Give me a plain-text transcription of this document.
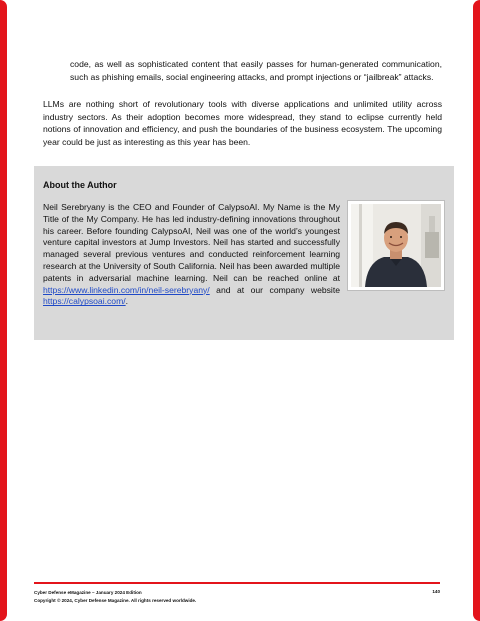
code, as well as sophisticated content that easily passes for human-generated communication, such as phishing emails, social engineering attacks, and prompt injections or “jailbreak” attacks.
LLMs are nothing short of revolutionary tools with diverse applications and unlimited utility across industry sectors. As their adoption becomes more widespread, they stand to eclipse currently held notions of innovation and efficiency, and push the boundaries of the business ecosystem. The upcoming year could be just as interesting as this year has been.
About the Author
Neil Serebryany is the CEO and Founder of CalypsoAI. My Name is the My Title of the My Company. He has led industry-defining innovations throughout his career. Before founding CalypsoAI, Neil was one of the world’s youngest venture capital investors at Jump Investors. Neil has started and successfully managed several previous ventures and conducted reinforcement learning research at the University of South California. Neil has been awarded multiple patents in adversarial machine learning. Neil can be reached online at https://www.linkedin.com/in/neil-serebryany/ and at our company website https://calypsoai.com/.
Cyber Defense eMagazine – January 2024 Edition
Copyright © 2024, Cyber Defense Magazine. All rights reserved worldwide.
140
